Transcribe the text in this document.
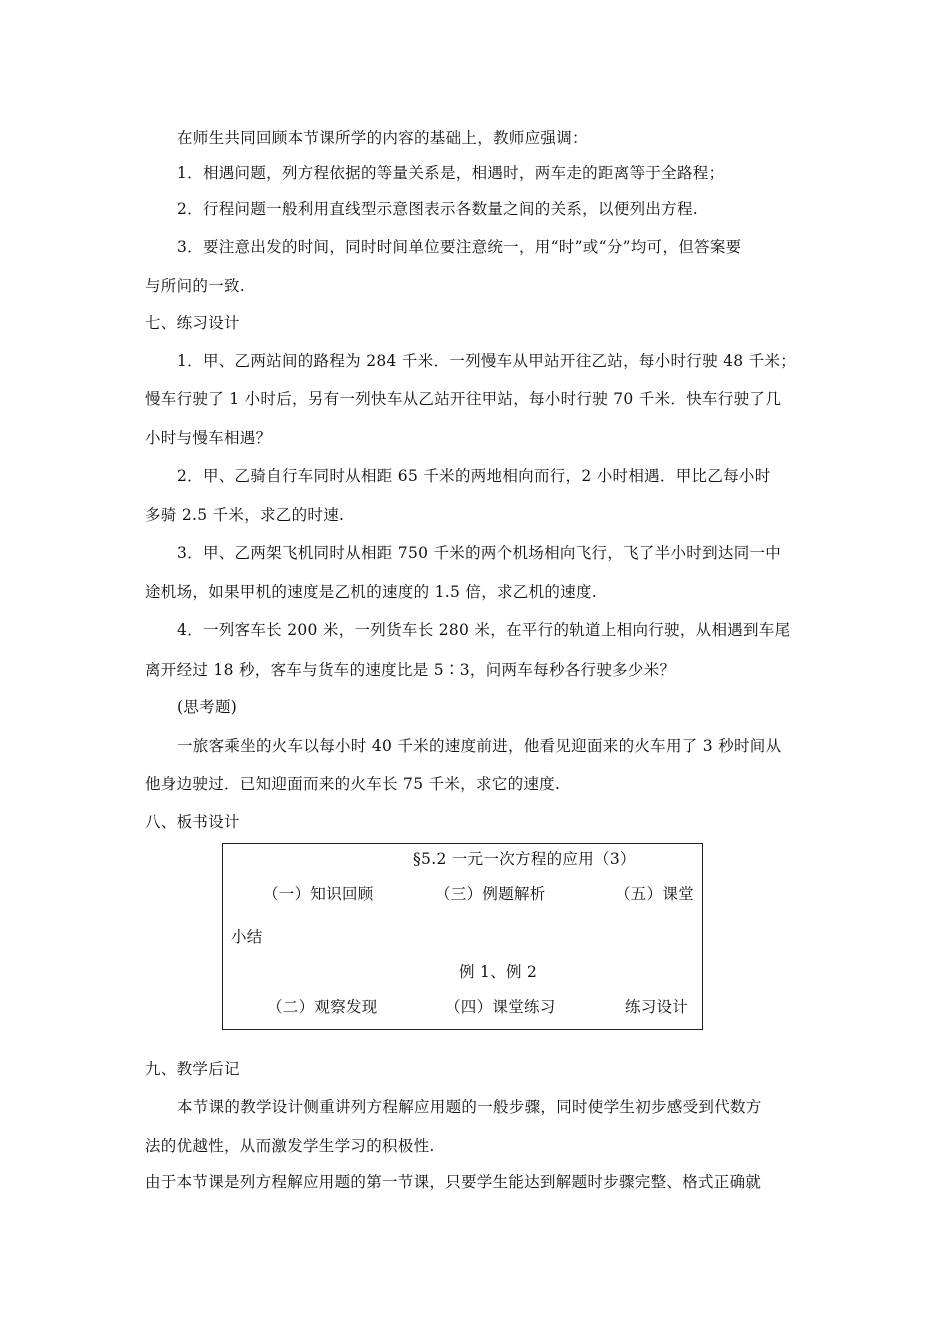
在师生共同回顾本节课所学的内容的基础上，教师应强调：
1．相遇问题，列方程依据的等量关系是，相遇时，两车走的距离等于全路程；
2．行程问题一般利用直线型示意图表示各数量之间的关系，以便列出方程.
3．要注意出发的时间，同时时间单位要注意统一，用“时”或“分”均可，但答案要
与所问的一致.
七、练习设计
1．甲、乙两站间的路程为 284 千米．一列慢车从甲站开往乙站，每小时行驶 48 千米；
慢车行驶了 1 小时后，另有一列快车从乙站开往甲站，每小时行驶 70 千米．快车行驶了几
小时与慢车相遇？
2．甲、乙骑自行车同时从相距 65 千米的两地相向而行，2 小时相遇．甲比乙每小时
多骑 2.5 千米，求乙的时速.
3．甲、乙两架飞机同时从相距 750 千米的两个机场相向飞行，飞了半小时到达同一中
途机场，如果甲机的速度是乙机的速度的 1.5 倍，求乙机的速度.
4．一列客车长 200 米，一列货车长 280 米，在平行的轨道上相向行驶，从相遇到车尾
离开经过 18 秒，客车与货车的速度比是 5∶3，问两车每秒各行驶多少米？
(思考题)
一旅客乘坐的火车以每小时 40 千米的速度前进，他看见迎面来的火车用了 3 秒时间从
他身边驶过．已知迎面而来的火车长 75 千米，求它的速度.
八、板书设计
§5.2 一元一次方程的应用（3）
（一）知识回顾	（三）例题解析	（五）课堂
小结
例 1、例 2
（二）观察发现	（四）课堂练习	练习设计
九、教学后记
本节课的教学设计侧重讲列方程解应用题的一般步骤，同时使学生初步感受到代数方
法的优越性，从而激发学生学习的积极性.
由于本节课是列方程解应用题的第一节课，只要学生能达到解题时步骤完整、格式正确就
